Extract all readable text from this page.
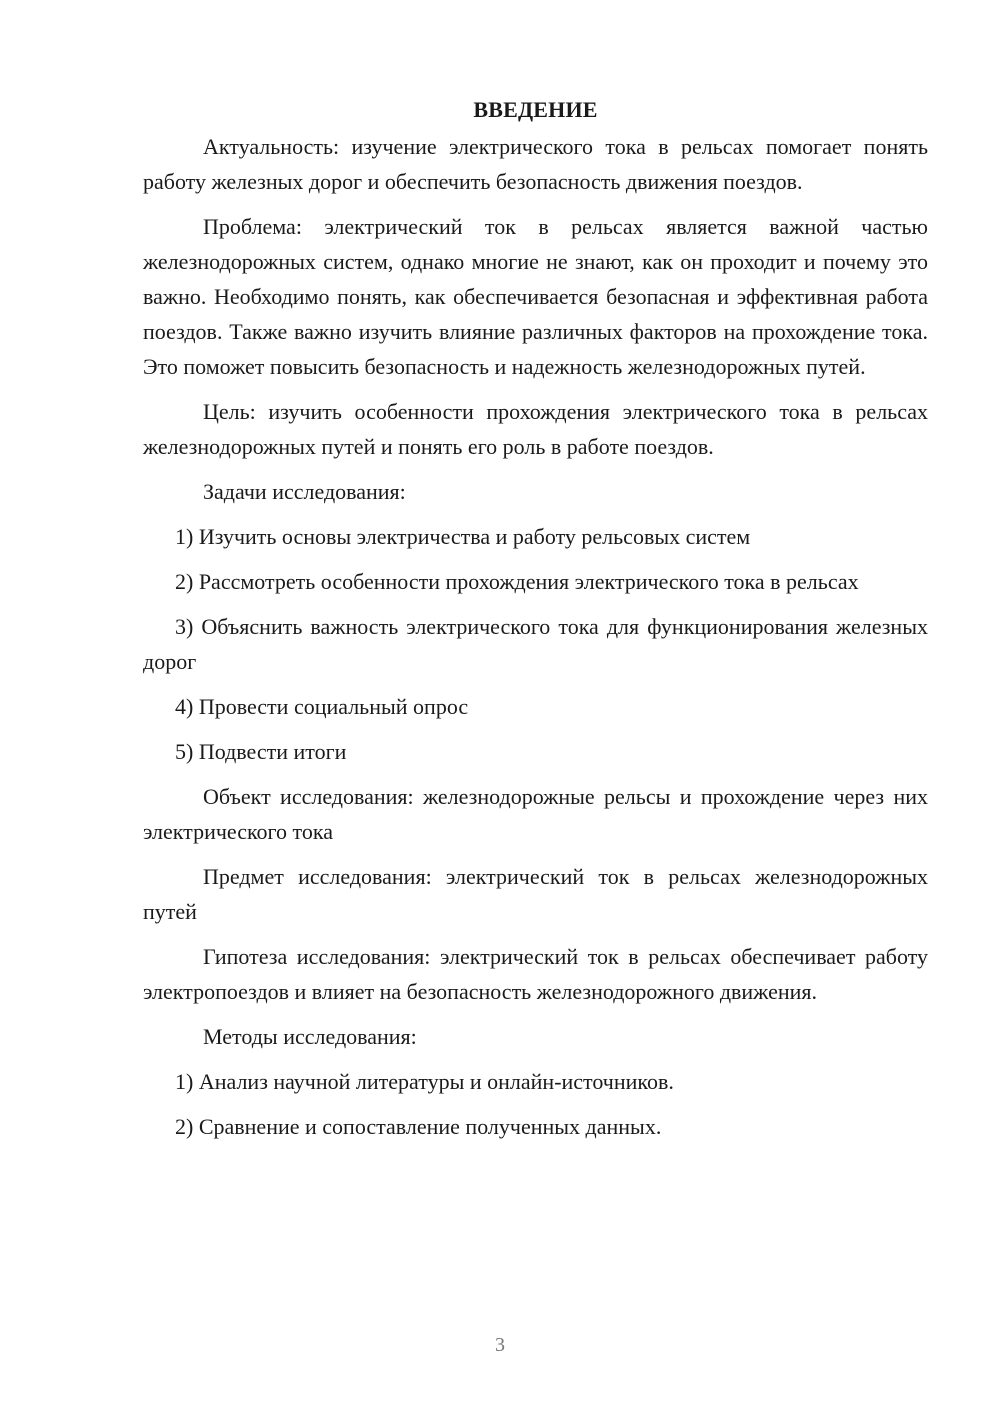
ВВЕДЕНИЕ

Актуальность: изучение электрического тока в рельсах помогает понять работу железных дорог и обеспечить безопасность движения поездов.

Проблема: электрический ток в рельсах является важной частью железнодорожных систем, однако многие не знают, как он проходит и почему это важно. Необходимо понять, как обеспечивается безопасная и эффективная работа поездов. Также важно изучить влияние различных факторов на прохождение тока. Это поможет повысить безопасность и надежность железнодорожных путей.

Цель: изучить особенности прохождения электрического тока в рельсах железнодорожных путей и понять его роль в работе поездов.

Задачи исследования:

1) Изучить основы электричества и работу рельсовых систем

2) Рассмотреть особенности прохождения электрического тока в рельсах

3) Объяснить важность электрического тока для функционирования железных дорог

4) Провести социальный опрос

5) Подвести итоги

Объект исследования: железнодорожные рельсы и прохождение через них электрического тока

Предмет исследования: электрический ток в рельсах железнодорожных путей

Гипотеза исследования: электрический ток в рельсах обеспечивает работу электропоездов и влияет на безопасность железнодорожного движения.

Методы исследования:

1) Анализ научной литературы и онлайн-источников.

2) Сравнение и сопоставление полученных данных.

3
